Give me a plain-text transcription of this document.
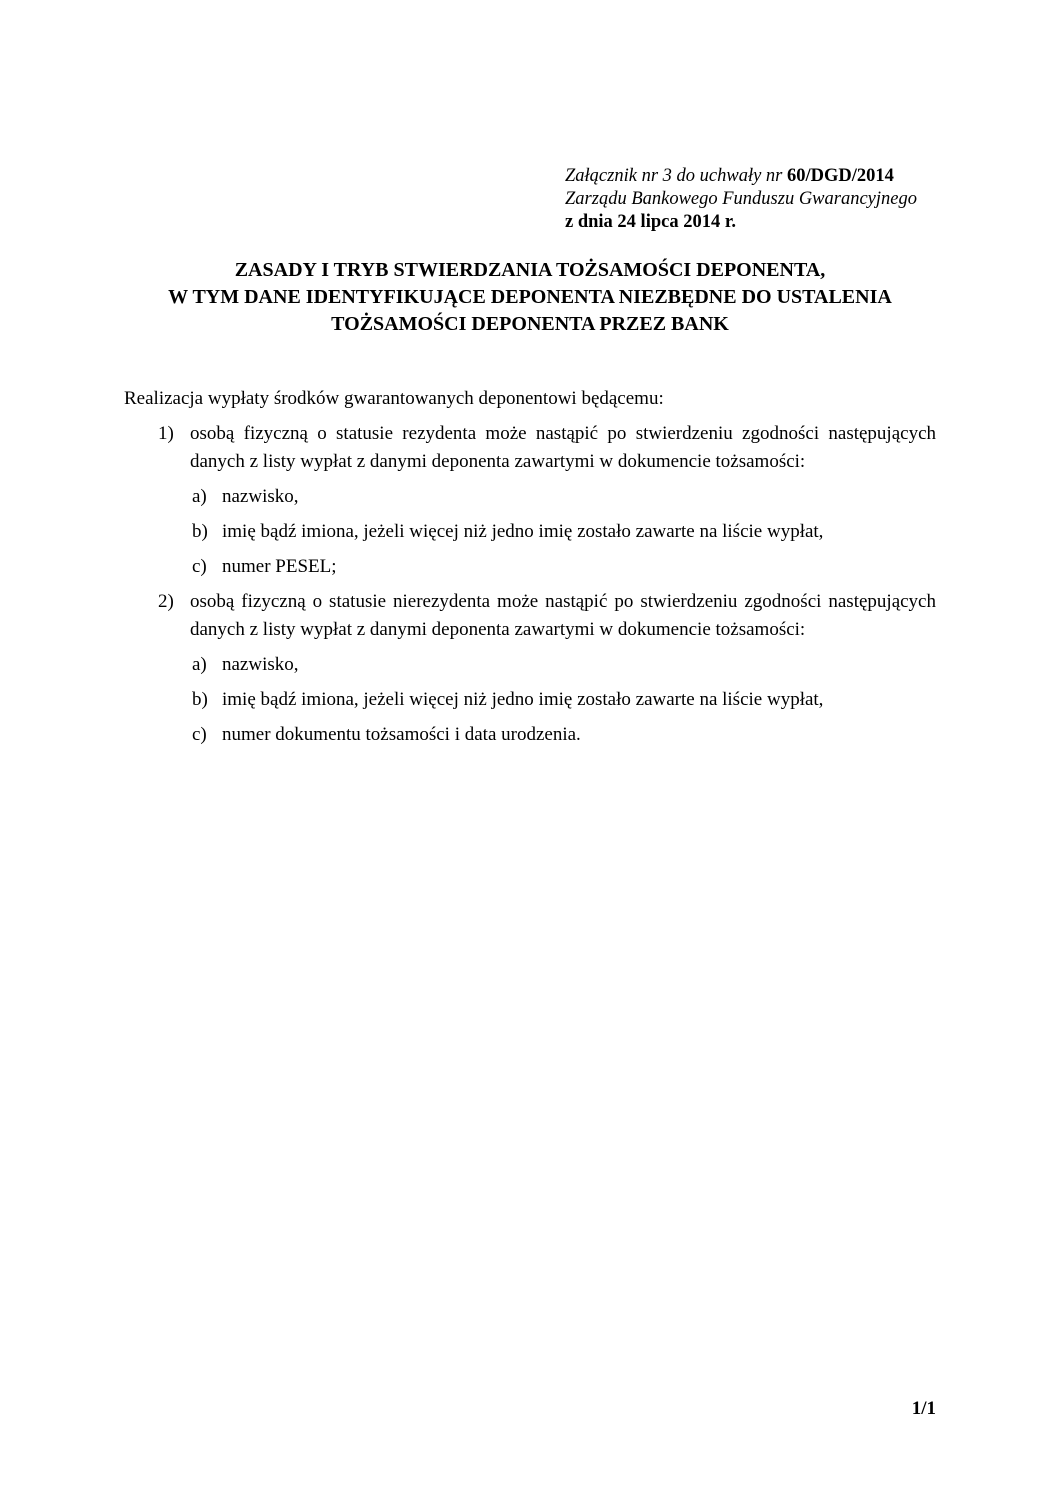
Załącznik nr 3 do uchwały nr 60/DGD/2014
Zarządu Bankowego Funduszu Gwarancyjnego
z dnia 24 lipca 2014 r.
ZASADY I TRYB STWIERDZANIA TOŻSAMOŚCI DEPONENTA,
W TYM DANE IDENTYFIKUJĄCE DEPONENTA NIEZBĘDNE DO USTALENIA
TOŻSAMOŚCI DEPONENTA PRZEZ BANK

Realizacja wypłaty środków gwarantowanych deponentowi będącemu:

1) osobą fizyczną o statusie rezydenta może nastąpić po stwierdzeniu zgodności następujących danych z listy wypłat z danymi deponenta zawartymi w dokumencie tożsamości:
a) nazwisko,
b) imię bądź imiona, jeżeli więcej niż jedno imię zostało zawarte na liście wypłat,
c) numer PESEL;
2) osobą fizyczną o statusie nierezydenta może nastąpić po stwierdzeniu zgodności następujących danych z listy wypłat z danymi deponenta zawartymi w dokumencie tożsamości:
a) nazwisko,
b) imię bądź imiona, jeżeli więcej niż jedno imię zostało zawarte na liście wypłat,
c) numer dokumentu tożsamości i data urodzenia.
1/1
